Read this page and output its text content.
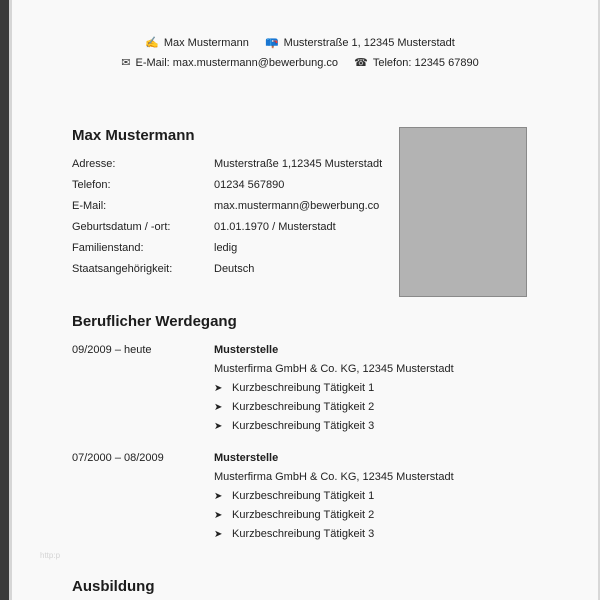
✍ Max Mustermann 📪 Musterstraße 1, 12345 Musterstadt
✉ E-Mail: max.mustermann@bewerbung.co ☎ Telefon: 12345 67890
Max Mustermann
Adresse:	Musterstraße 1,12345 Musterstadt
Telefon:	01234 567890
E-Mail:	max.mustermann@bewerbung.co
Geburtsdatum / -ort:	01.01.1970 / Musterstadt
Familienstand:	ledig
Staatsangehörigkeit:	Deutsch
Beruflicher Werdegang
09/2009 – heute	Musterstelle
Musterfirma GmbH & Co. KG, 12345 Musterstadt
➤ Kurzbeschreibung Tätigkeit 1
➤ Kurzbeschreibung Tätigkeit 2
➤ Kurzbeschreibung Tätigkeit 3
07/2000 – 08/2009	Musterstelle
Musterfirma GmbH & Co. KG, 12345 Musterstadt
➤ Kurzbeschreibung Tätigkeit 1
➤ Kurzbeschreibung Tätigkeit 2
➤ Kurzbeschreibung Tätigkeit 3
http:p
Ausbildung
